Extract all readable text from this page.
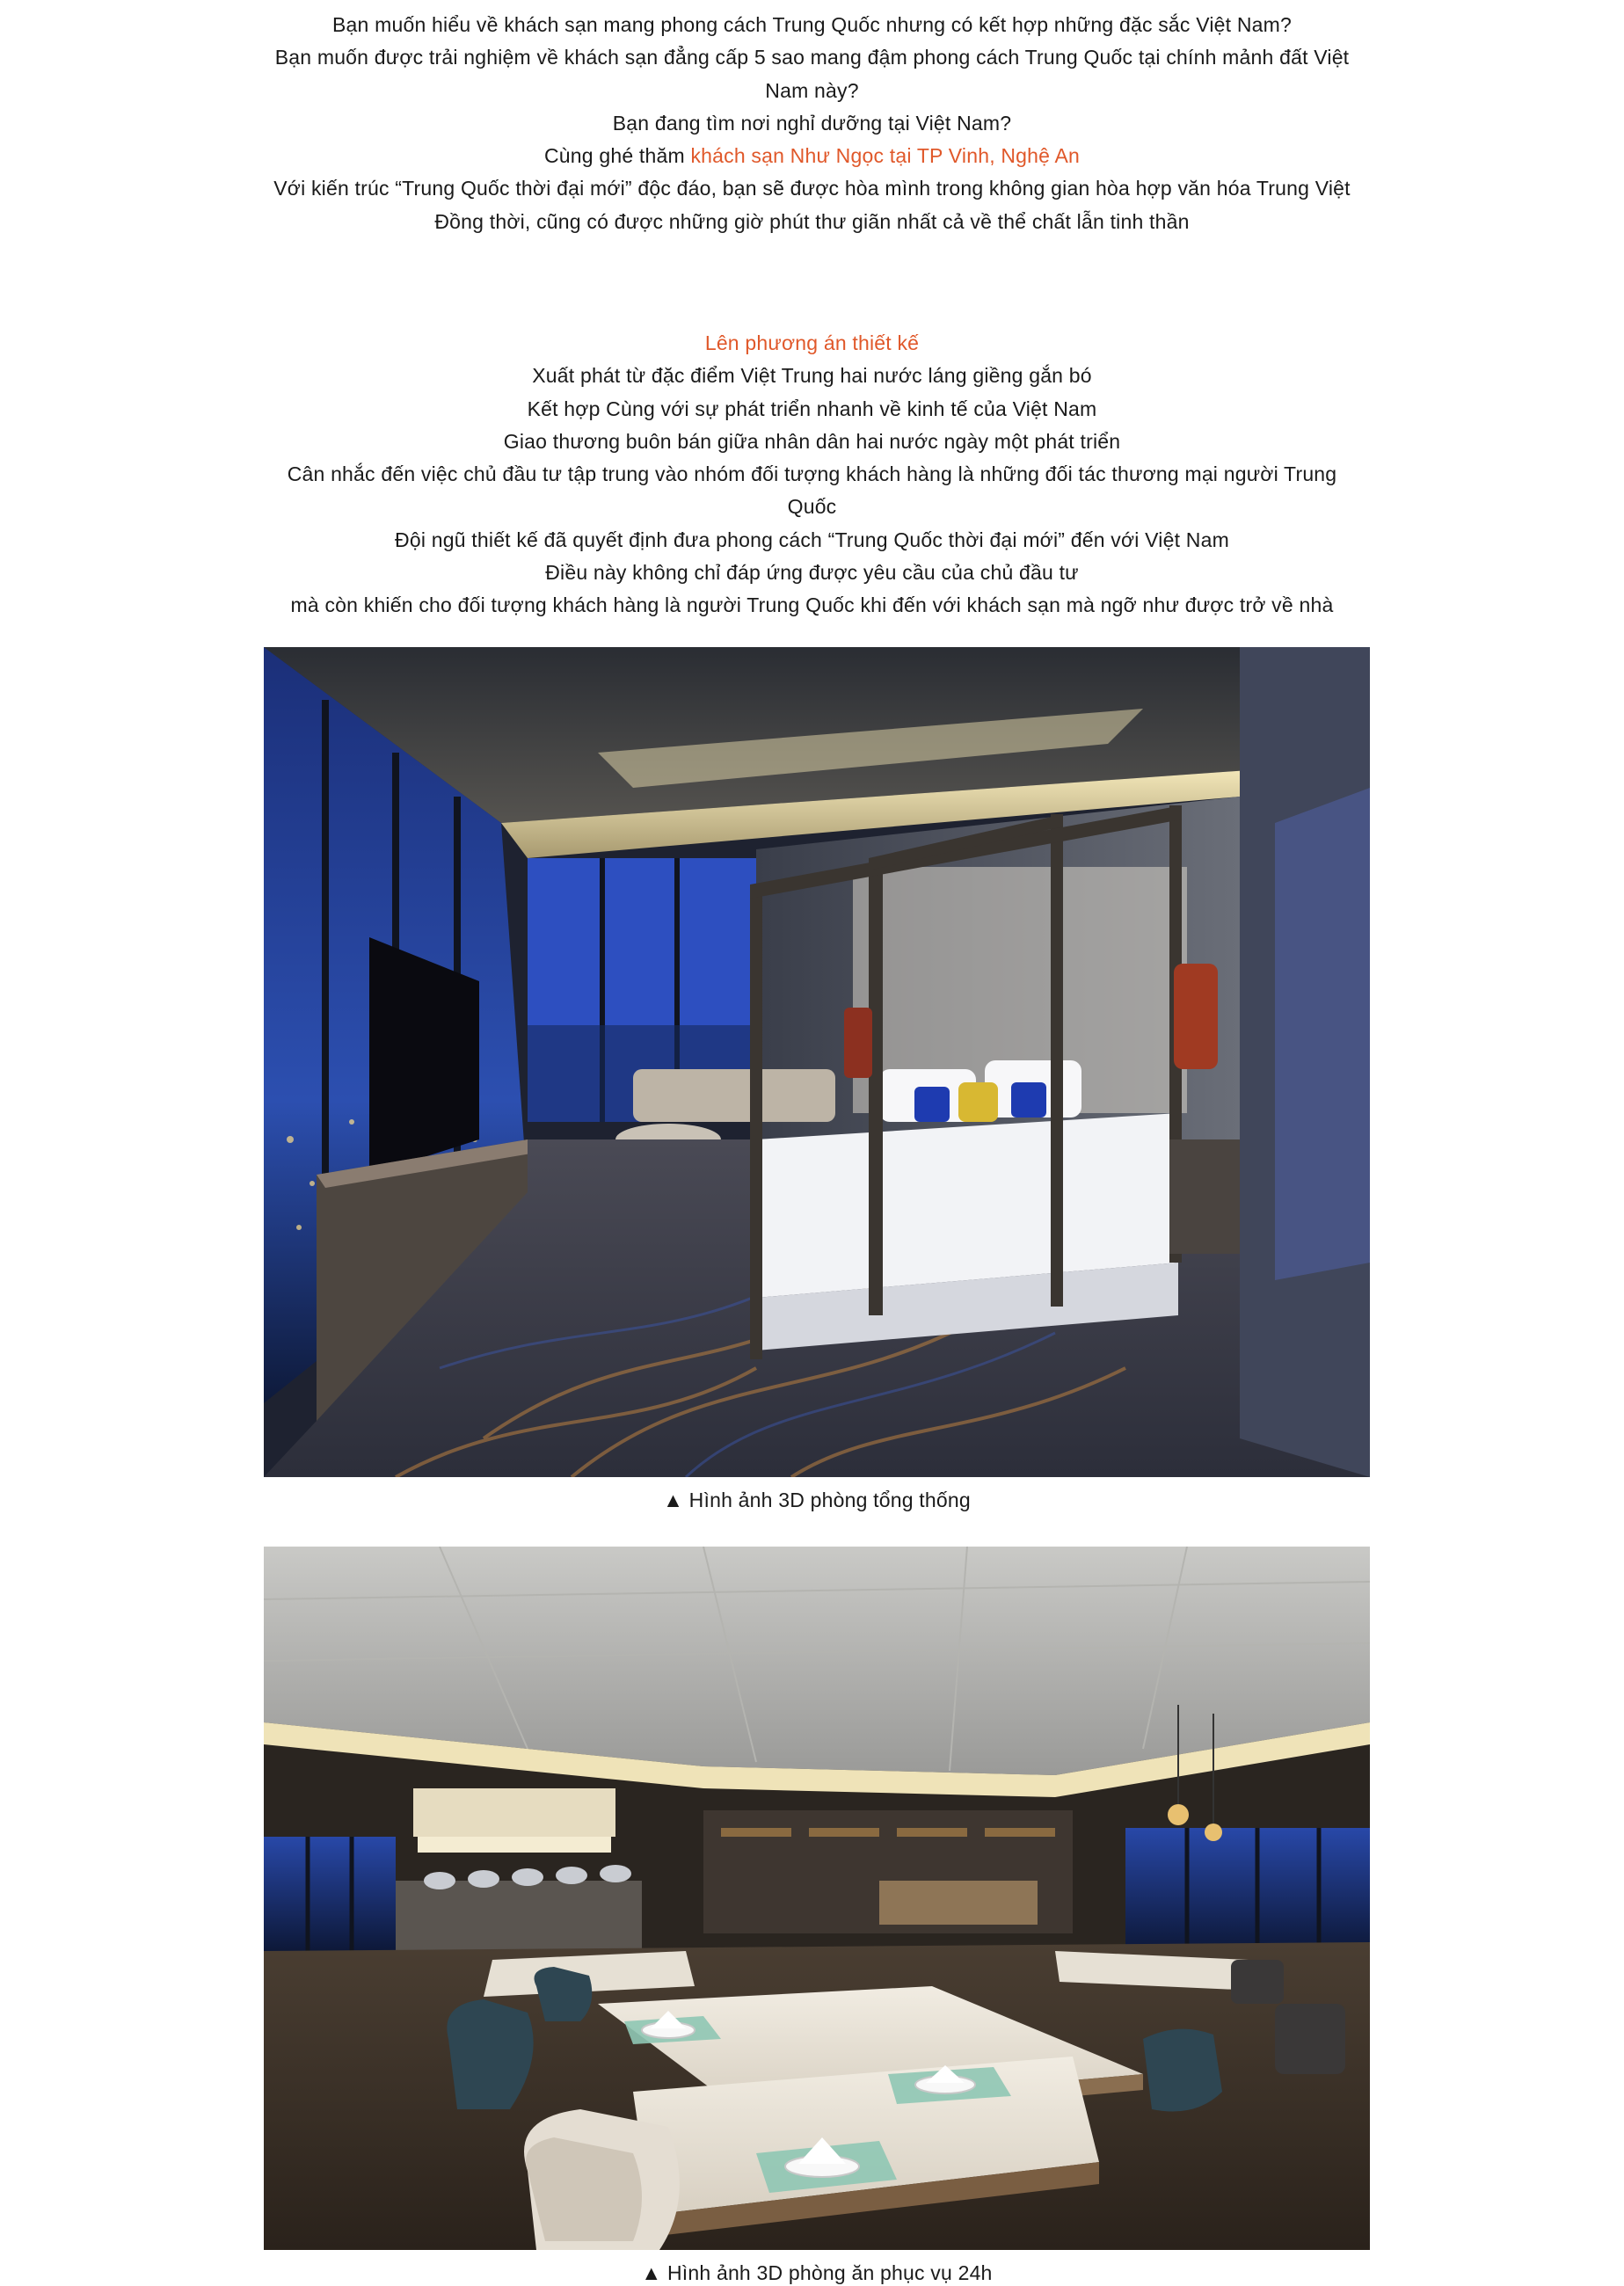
Bạn muốn hiểu về khách sạn mang phong cách Trung Quốc nhưng có kết hợp những đặc sắc Việt Nam?

Bạn muốn được trải nghiệm về khách sạn đẳng cấp 5 sao mang đậm phong cách Trung Quốc tại chính mảnh đất Việt Nam này?

Bạn đang tìm nơi nghỉ dưỡng tại Việt Nam?

Cùng ghé thăm khách sạn Như Ngọc tại TP Vinh, Nghệ An

Với kiến trúc “Trung Quốc thời đại mới” độc đáo, bạn sẽ được hòa mình trong không gian hòa hợp văn hóa Trung Việt

Đồng thời, cũng có được những giờ phút thư giãn nhất cả về thể chất lẫn tinh thần

Lên phương án thiết kế

Xuất phát từ đặc điểm Việt Trung hai nước láng giềng gắn bó

Kết hợp Cùng với sự phát triển nhanh về kinh tế của Việt Nam

Giao thương buôn bán giữa nhân dân hai nước ngày một phát triển

Cân nhắc đến việc chủ đầu tư tập trung vào nhóm đối tượng khách hàng là những đối tác thương mại người Trung Quốc

Đội ngũ thiết kế đã quyết định đưa phong cách “Trung Quốc thời đại mới” đến với Việt Nam

Điều này không chỉ đáp ứng được yêu cầu của chủ đầu tư

mà còn khiến cho đối tượng khách hàng là người Trung Quốc khi đến với khách sạn mà ngỡ như được trở về nhà

▲ Hình ảnh 3D phòng tổng thống
▲ Hình ảnh 3D phòng ăn phục vụ 24h
